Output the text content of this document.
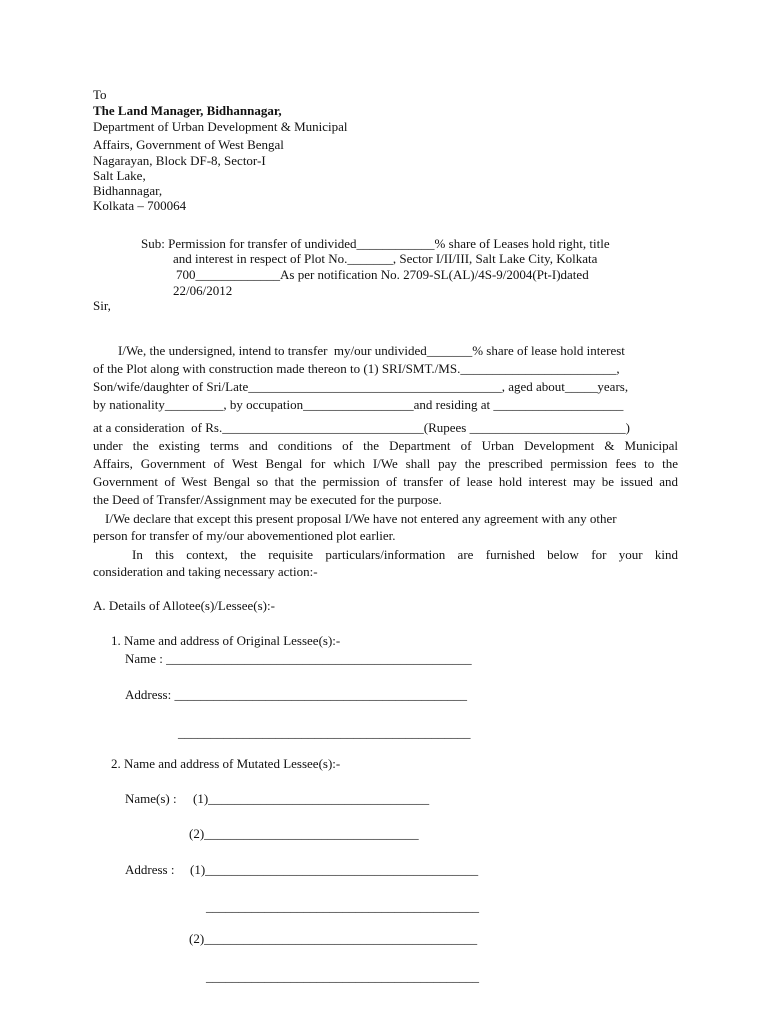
To
The Land Manager, Bidhannagar,
Department of Urban Development & Municipal
Affairs, Government of West Bengal
Nagarayan, Block DF-8, Sector-I
Salt Lake,
Bidhannagar,
Kolkata – 700064
Sub: Permission for transfer of undivided____________% share of Leases hold right, title
and interest in respect of Plot No._______, Sector I/II/III, Salt Lake City, Kolkata
700_____________As per notification No. 2709-SL(AL)/4S-9/2004(Pt-I)dated
22/06/2012
Sir,
I/We, the undersigned, intend to transfer  my/our undivided_______% share of lease hold interest
of the Plot along with construction made thereon to (1) SRI/SMT./MS.________________________,
Son/wife/daughter of Sri/Late_______________________________________, aged about_____years,
by nationality_________, by occupation_________________and residing at ____________________
at a consideration  of Rs._______________________________(Rupees ________________________)
under the existing terms and conditions of the Department of Urban Development & Municipal
Affairs, Government of West Bengal for which I/We shall pay the prescribed permission fees to the
Government of West Bengal so that the permission of transfer of lease hold interest may be issued and
the Deed of Transfer/Assignment may be executed for the purpose.
I/We declare that except this present proposal I/We have not entered any agreement with any other
person for transfer of my/our abovementioned plot earlier.
In this context, the requisite particulars/information are furnished below for your kind
consideration and taking necessary action:-
A. Details of Allotee(s)/Lessee(s):-
1. Name and address of Original Lessee(s):-
Name : _______________________________________________
Address: _____________________________________________
_____________________________________________
2. Name and address of Mutated Lessee(s):-
Name(s) : (1)__________________________________
(2)_________________________________
Address : (1)__________________________________________
__________________________________________
(2)__________________________________________
__________________________________________
